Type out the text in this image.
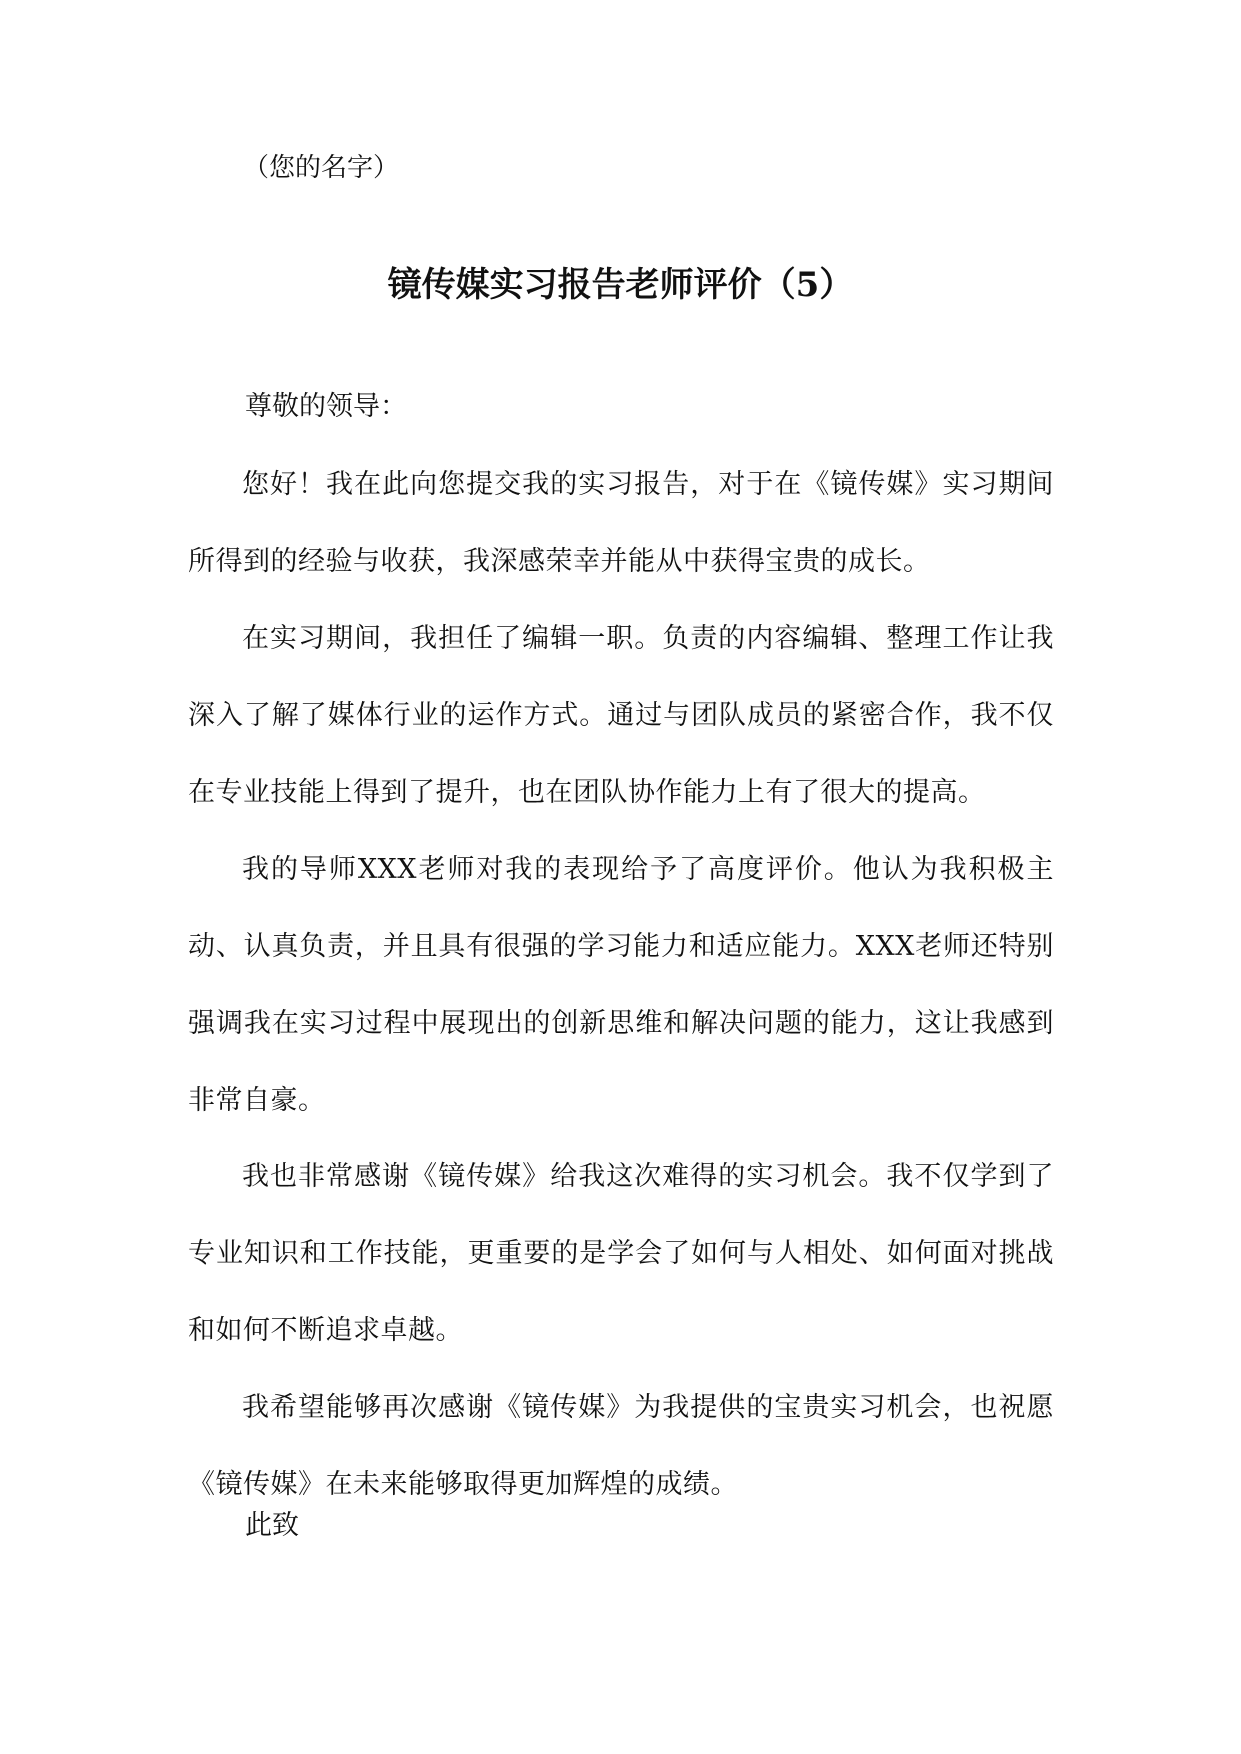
（您的名字）
镜传媒实习报告老师评价（5）
尊敬的领导：
您好！我在此向您提交我的实习报告，对于在《镜传媒》实习期间所得到的经验与收获，我深感荣幸并能从中获得宝贵的成长。
在实习期间，我担任了编辑一职。负责的内容编辑、整理工作让我深入了解了媒体行业的运作方式。通过与团队成员的紧密合作，我不仅在专业技能上得到了提升，也在团队协作能力上有了很大的提高。
我的导师XXX老师对我的表现给予了高度评价。他认为我积极主动、认真负责，并且具有很强的学习能力和适应能力。XXX老师还特别强调我在实习过程中展现出的创新思维和解决问题的能力，这让我感到非常自豪。
我也非常感谢《镜传媒》给我这次难得的实习机会。我不仅学到了专业知识和工作技能，更重要的是学会了如何与人相处、如何面对挑战和如何不断追求卓越。
我希望能够再次感谢《镜传媒》为我提供的宝贵实习机会，也祝愿《镜传媒》在未来能够取得更加辉煌的成绩。
此致
